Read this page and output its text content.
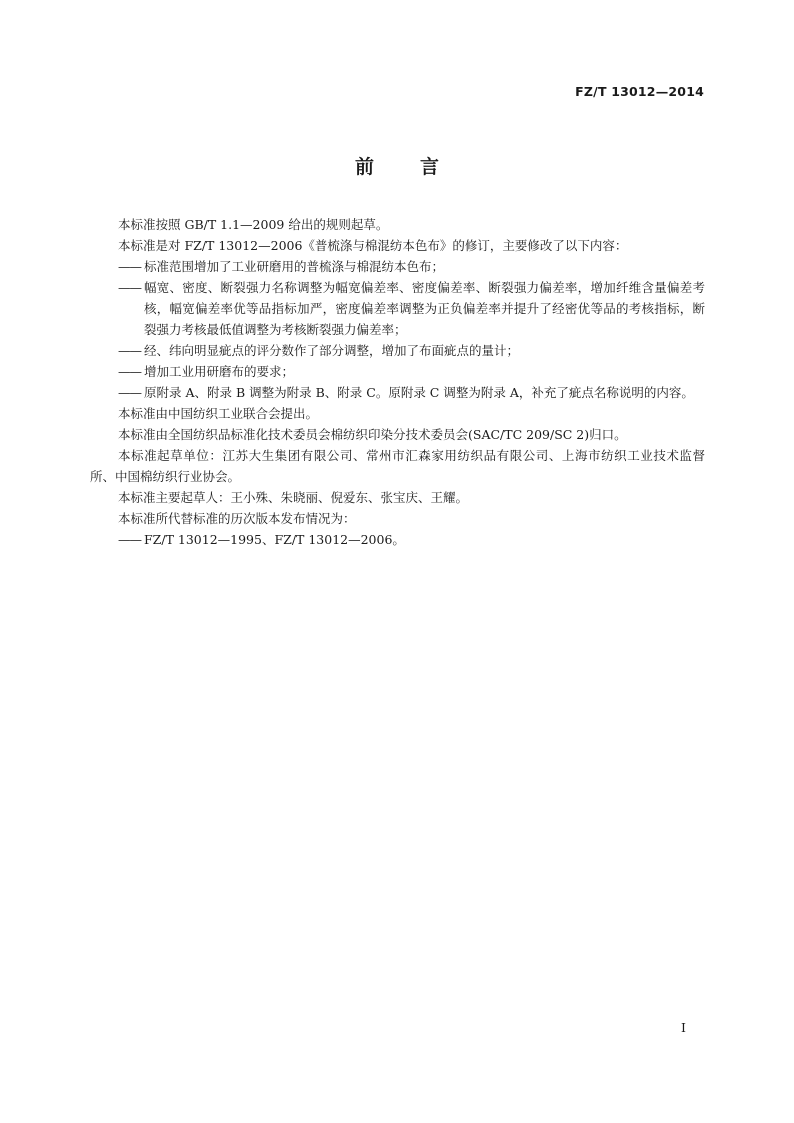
FZ/T 13012—2014
前 言

本标准按照 GB/T 1.1—2009 给出的规则起草。

本标准是对 FZ/T 13012—2006《普梳涤与棉混纺本色布》的修订，主要修改了以下内容：

—— 标准范围增加了工业研磨用的普梳涤与棉混纺本色布；
—— 幅宽、密度、断裂强力名称调整为幅宽偏差率、密度偏差率、断裂强力偏差率，增加纤维含量偏差考核，幅宽偏差率优等品指标加严，密度偏差率调整为正负偏差率并提升了经密优等品的考核指标，断裂强力考核最低值调整为考核断裂强力偏差率；
—— 经、纬向明显疵点的评分数作了部分调整，增加了布面疵点的量计；
—— 增加工业用研磨布的要求；
—— 原附录 A、附录 B 调整为附录 B、附录 C。原附录 C 调整为附录 A，补充了疵点名称说明的内容。

本标准由中国纺织工业联合会提出。

本标准由全国纺织品标准化技术委员会棉纺织印染分技术委员会(SAC/TC 209/SC 2)归口。

本标准起草单位：江苏大生集团有限公司、常州市汇森家用纺织品有限公司、上海市纺织工业技术监督所、中国棉纺织行业协会。

本标准主要起草人：王小殊、朱晓丽、倪爱东、张宝庆、王耀。

本标准所代替标准的历次版本发布情况为：

—— FZ/T 13012—1995、FZ/T 13012—2006。
I
